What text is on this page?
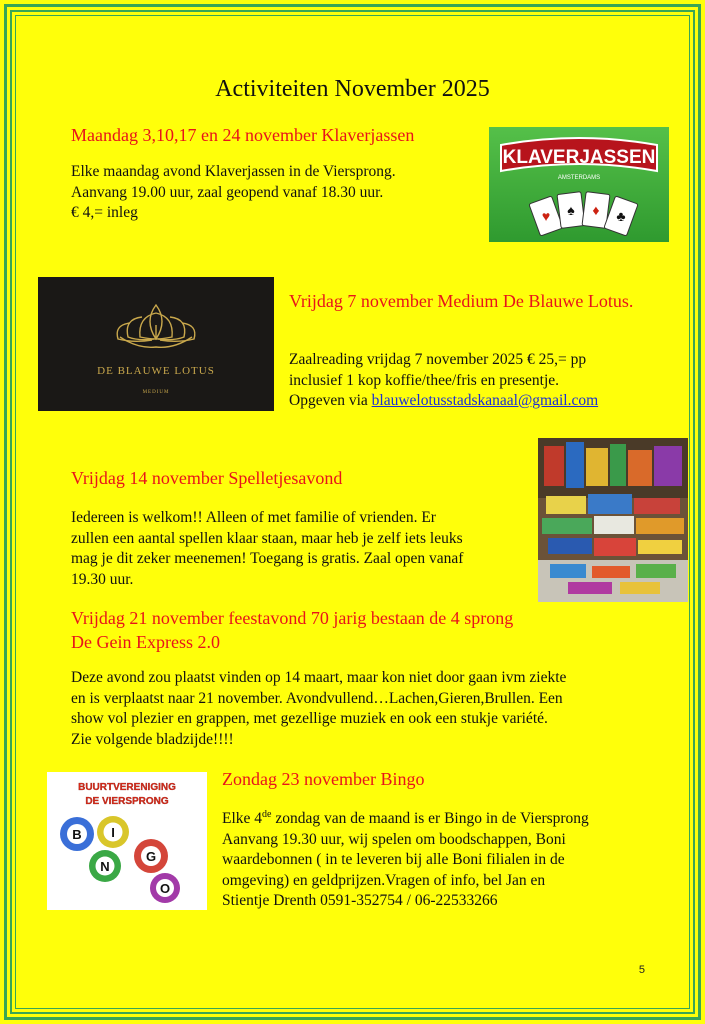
Activiteiten November 2025
Maandag 3,10,17 en 24 november Klaverjassen

Elke maandag avond Klaverjassen in de Viersprong.

Aanvang 19.00 uur, zaal geopend vanaf 18.30 uur.

€ 4,= inleg

KLAVERJASSEN
AMSTERDAMS
♥ ♠ ♦ ♣
DE BLAUWE LOTUS
MEDIUM
Vrijdag 7 november Medium De Blauwe Lotus.

Zaalreading vrijdag 7 november 2025 € 25,= pp

inclusief 1 kop koffie/thee/fris en presentje.

Opgeven via blauwelotusstadskanaal@gmail.com

Vrijdag 14 november Spelletjesavond

Iedereen is welkom!! Alleen of met familie of vrienden. Er

zullen een aantal spellen klaar staan, maar heb je zelf iets leuks

mag je dit zeker meenemen! Toegang is gratis. Zaal open vanaf

19.30 uur.

Vrijdag 21 november feestavond 70 jarig bestaan de 4 sprong
De Gein Express 2.0

Deze avond zou plaatst vinden op 14 maart, maar kon niet door gaan ivm ziekte

en is verplaatst naar 21 november. Avondvullend…Lachen,Gieren,Brullen. Een

show vol plezier en grappen, met gezellige muziek en ook een stukje variété.

Zie volgende bladzijde!!!!

BUURTVERENIGING
DE VIERSPRONG
B I
N
G
O
Zondag 23 november Bingo

Elke 4de zondag van de maand is er Bingo in de Viersprong

Aanvang 19.30 uur, wij spelen om boodschappen, Boni

waardebonnen ( in te leveren bij alle Boni filialen in de

omgeving) en geldprijzen.Vragen of info, bel Jan en

Stientje Drenth 0591-352754 / 06-22533266

5
